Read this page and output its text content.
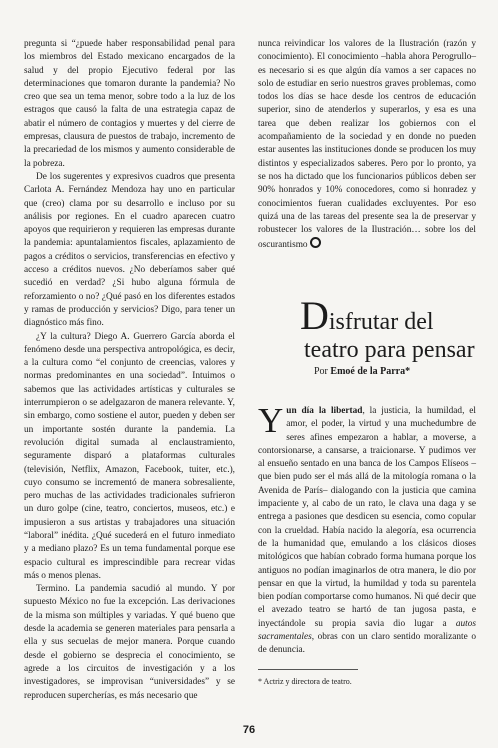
pregunta si “¿puede haber responsabilidad penal para los miembros del Estado mexicano encargados de la salud y del propio Ejecutivo federal por las determinaciones que tomaron durante la pandemia? No creo que sea un tema menor, sobre todo a la luz de los estragos que causó la falta de una estrategia capaz de abatir el número de contagios y muertes y del cierre de empresas, clausura de puestos de trabajo, incremento de la precariedad de los mismos y aumento considerable de la pobreza.

De los sugerentes y expresivos cuadros que presenta Carlota A. Fernández Mendoza hay uno en particular que (creo) clama por su desarrollo e incluso por su análisis por regiones. En el cuadro aparecen cuatro apoyos que requirieron y requieren las empresas durante la pandemia: apuntalamientos fiscales, aplazamiento de pagos a créditos o servicios, transferencias en efectivo y acceso a créditos nuevos. ¿No deberíamos saber qué sucedió en verdad? ¿Si hubo alguna fórmula de reforzamiento o no? ¿Qué pasó en los diferentes estados y ramas de producción y servicios? Digo, para tener un diagnóstico más fino.

¿Y la cultura? Diego A. Guerrero García aborda el fenómeno desde una perspectiva antropológica, es decir, a la cultura como “el conjunto de creencias, valores y normas predominantes en una sociedad”. Intuimos o sabemos que las actividades artísticas y culturales se interrumpieron o se adelgazaron de manera relevante. Y, sin embargo, como sostiene el autor, pueden y deben ser un importante sostén durante la pandemia. La revolución digital sumada al enclaustramiento, seguramente disparó a plataformas culturales (televisión, Netflix, Amazon, Facebook, tuiter, etc.), cuyo consumo se incrementó de manera sobresaliente, pero muchas de las actividades tradicionales sufrieron un duro golpe (cine, teatro, conciertos, museos, etc.) e impusieron a sus artistas y trabajadores una situación “laboral” inédita. ¿Qué sucederá en el futuro inmediato y a mediano plazo? Es un tema fundamental porque ese espacio cultural es imprescindible para recrear vidas más o menos plenas.

Termino. La pandemia sacudió al mundo. Y por supuesto México no fue la excepción. Las derivaciones de la misma son múltiples y variadas. Y qué bueno que desde la academia se generen materiales para pensarla a ella y sus secuelas de mejor manera. Porque cuando desde el gobierno se desprecia el conocimiento, se agrede a los circuitos de investigación y a los investigadores, se improvisan “universidades” y se reproducen supercherías, es más necesario que

nunca reivindicar los valores de la Ilustración (razón y conocimiento). El conocimiento –habla ahora Perogrullo– es necesario si es que algún día vamos a ser capaces no solo de estudiar en serio nuestros graves problemas, como todos los días se hace desde los centros de educación superior, sino de atenderlos y superarlos, y esa es una tarea que deben realizar los gobiernos con el acompañamiento de la sociedad y en donde no pueden estar ausentes las instituciones donde se producen los muy distintos y especializados saberes. Pero por lo pronto, ya se nos ha dictado que los funcionarios públicos deben ser 90% honrados y 10% conocedores, como si honradez y conocimientos fueran cualidades excluyentes. Por eso quizá una de las tareas del presente sea la de preservar y robustecer los valores de la Ilustración… sobre los del oscurantismo

Disfrutar del
teatro para pensar
Por Emoé de la Parra*

Yun día la libertad, la justicia, la humildad, el amor, el poder, la virtud y una muchedumbre de seres afines empezaron a hablar, a moverse, a contorsionarse, a cansarse, a traicionarse. Y pudimos ver al ensueño sentado en una banca de los Campos Elíseos –que bien pudo ser el más allá de la mitología romana o la Avenida de París– dialogando con la justicia que camina impaciente y, al cabo de un rato, le clava una daga y se entrega a pasiones que desdicen su esencia, como copular con la crueldad. Había nacido la alegoría, esa ocurrencia de la humanidad que, emulando a los clásicos dioses mitológicos que habían cobrado forma humana porque los antiguos no podían imaginarlos de otra manera, le dio por pensar en que la virtud, la humildad y toda su parentela bien podían comportarse como humanos. Ni qué decir que el avezado teatro se hartó de tan jugosa pasta, e inyectándole su propia savia dio lugar a autos sacramentales, obras con un claro sentido moralizante o de denuncia.

* Actriz y directora de teatro.
76
